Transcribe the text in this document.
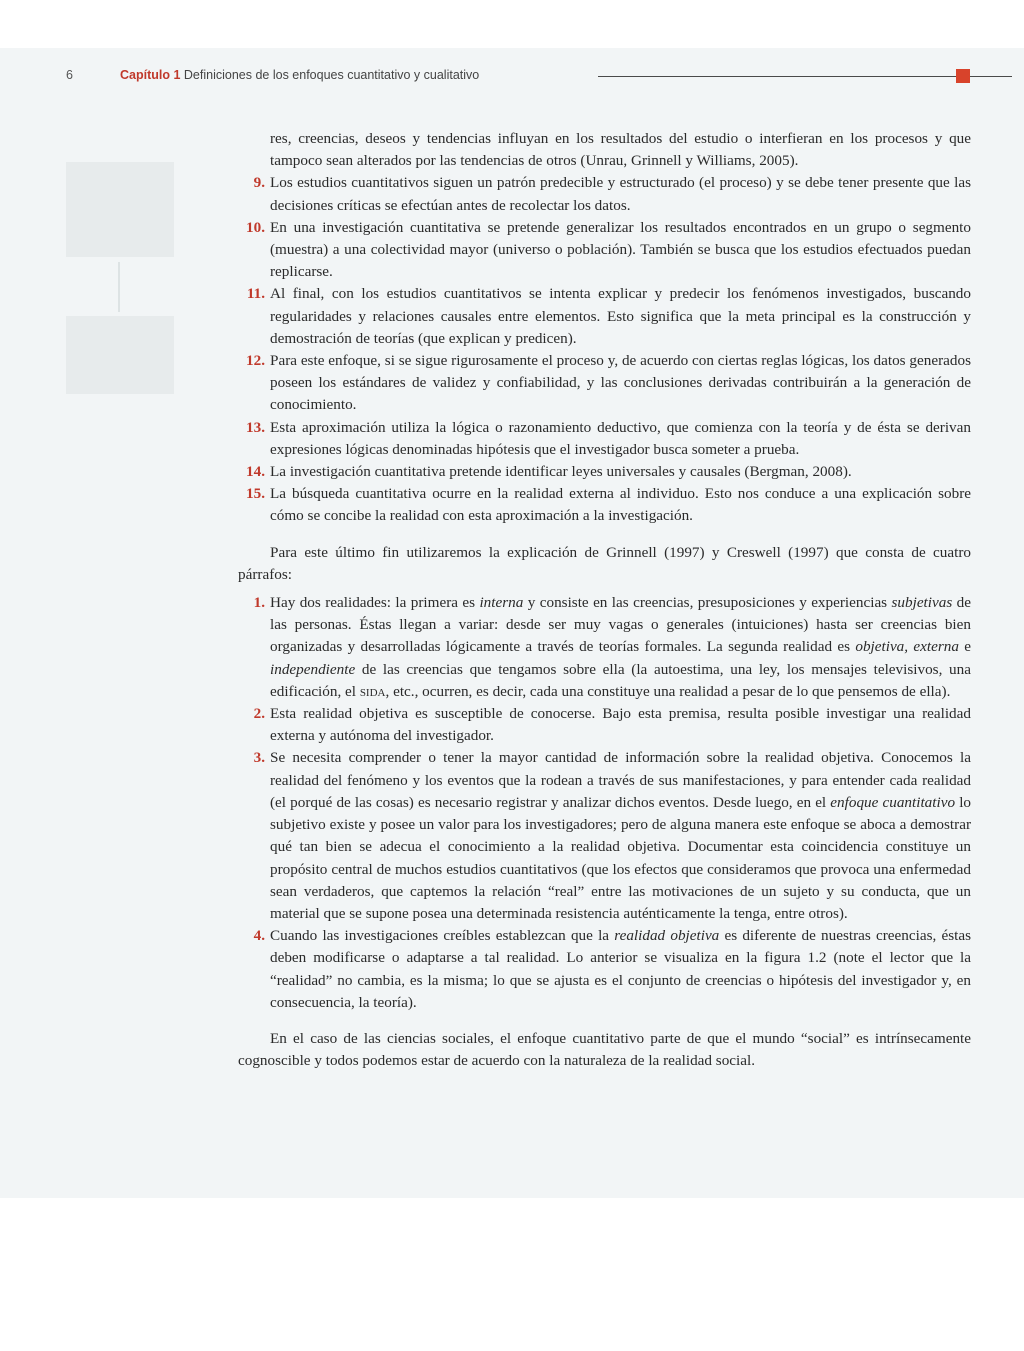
6	Capítulo 1 Definiciones de los enfoques cuantitativo y cualitativo

res, creencias, deseos y tendencias influyan en los resultados del estudio o interfieran en los procesos y que tampoco sean alterados por las tendencias de otros (Unrau, Grinnell y Williams, 2005).

9. Los estudios cuantitativos siguen un patrón predecible y estructurado (el proceso) y se debe tener presente que las decisiones críticas se efectúan antes de recolectar los datos.
10. En una investigación cuantitativa se pretende generalizar los resultados encontrados en un grupo o segmento (muestra) a una colectividad mayor (universo o población). También se busca que los estudios efectuados puedan replicarse.
11. Al final, con los estudios cuantitativos se intenta explicar y predecir los fenómenos investigados, buscando regularidades y relaciones causales entre elementos. Esto significa que la meta principal es la construcción y demostración de teorías (que explican y predicen).
12. Para este enfoque, si se sigue rigurosamente el proceso y, de acuerdo con ciertas reglas lógicas, los datos generados poseen los estándares de validez y confiabilidad, y las conclusiones derivadas contribuirán a la generación de conocimiento.
13. Esta aproximación utiliza la lógica o razonamiento deductivo, que comienza con la teoría y de ésta se derivan expresiones lógicas denominadas hipótesis que el investigador busca someter a prueba.
14. La investigación cuantitativa pretende identificar leyes universales y causales (Bergman, 2008).
15. La búsqueda cuantitativa ocurre en la realidad externa al individuo. Esto nos conduce a una explicación sobre cómo se concibe la realidad con esta aproximación a la investigación.

Para este último fin utilizaremos la explicación de Grinnell (1997) y Creswell (1997) que consta de cuatro párrafos:

1. Hay dos realidades: la primera es interna y consiste en las creencias, presuposiciones y experiencias subjetivas de las personas. Éstas llegan a variar: desde ser muy vagas o generales (intuiciones) hasta ser creencias bien organizadas y desarrolladas lógicamente a través de teorías formales. La segunda realidad es objetiva, externa e independiente de las creencias que tengamos sobre ella (la autoestima, una ley, los mensajes televisivos, una edificación, el sida, etc., ocurren, es decir, cada una constituye una realidad a pesar de lo que pensemos de ella).
2. Esta realidad objetiva es susceptible de conocerse. Bajo esta premisa, resulta posible investigar una realidad externa y autónoma del investigador.
3. Se necesita comprender o tener la mayor cantidad de información sobre la realidad objetiva. Conocemos la realidad del fenómeno y los eventos que la rodean a través de sus manifestaciones, y para entender cada realidad (el porqué de las cosas) es necesario registrar y analizar dichos eventos. Desde luego, en el enfoque cuantitativo lo subjetivo existe y posee un valor para los investigadores; pero de alguna manera este enfoque se aboca a demostrar qué tan bien se adecua el conocimiento a la realidad objetiva. Documentar esta coincidencia constituye un propósito central de muchos estudios cuantitativos (que los efectos que consideramos que provoca una enfermedad sean verdaderos, que captemos la relación “real” entre las motivaciones de un sujeto y su conducta, que un material que se supone posea una determinada resistencia auténticamente la tenga, entre otros).
4. Cuando las investigaciones creíbles establezcan que la realidad objetiva es diferente de nuestras creencias, éstas deben modificarse o adaptarse a tal realidad. Lo anterior se visualiza en la figura 1.2 (note el lector que la “realidad” no cambia, es la misma; lo que se ajusta es el conjunto de creencias o hipótesis del investigador y, en consecuencia, la teoría).

En el caso de las ciencias sociales, el enfoque cuantitativo parte de que el mundo “social” es intrínsecamente cognoscible y todos podemos estar de acuerdo con la naturaleza de la realidad social.
